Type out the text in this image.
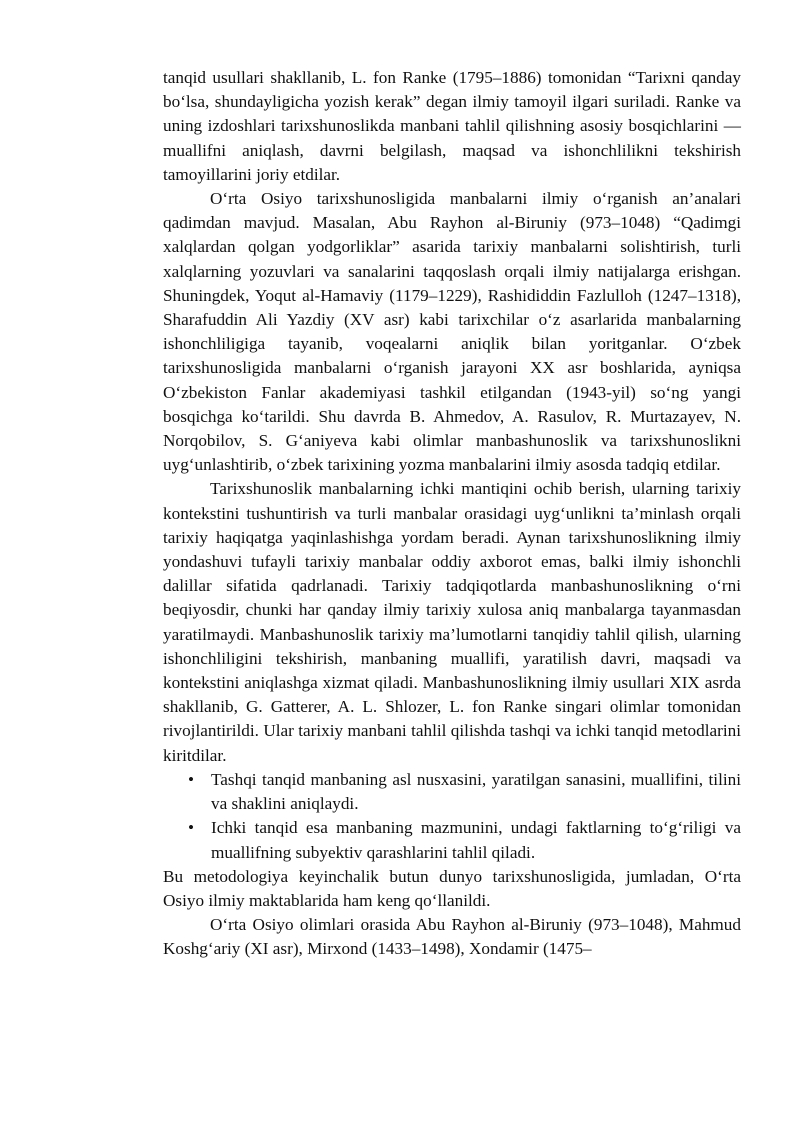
tanqid usullari shakllanib, L. fon Ranke (1795–1886) tomonidan “Tarixni qanday bo‘lsa, shundayligicha yozish kerak” degan ilmiy tamoyil ilgari suriladi. Ranke va uning izdoshlari tarixshunoslikda manbani tahlil qilishning asosiy bosqichlarini — muallifni aniqlash, davrni belgilash, maqsad va ishonchlilikni tekshirish tamoyillarini joriy etdilar.

O‘rta Osiyo tarixshunosligida manbalarni ilmiy o‘rganish an’analari qadimdan mavjud. Masalan, Abu Rayhon al-Biruniy (973–1048) “Qadimgi xalqlardan qolgan yodgorliklar” asarida tarixiy manbalarni solishtirish, turli xalqlarning yozuvlari va sanalarini taqqoslash orqali ilmiy natijalarga erishgan. Shuningdek, Yoqut al-Hamaviy (1179–1229), Rashididdin Fazlulloh (1247–1318), Sharafuddin Ali Yazdiy (XV asr) kabi tarixchilar o‘z asarlarida manbalarning ishonchliligiga tayanib, voqealarni aniqlik bilan yoritganlar. O‘zbek tarixshunosligida manbalarni o‘rganish jarayoni XX asr boshlarida, ayniqsa O‘zbekiston Fanlar akademiyasi tashkil etilgandan (1943-yil) so‘ng yangi bosqichga ko‘tarildi. Shu davrda B. Ahmedov, A. Rasulov, R. Murtazayev, N. Norqobilov, S. G‘aniyeva kabi olimlar manbashunoslik va tarixshunoslikni uyg‘unlashtirib, o‘zbek tarixining yozma manbalarini ilmiy asosda tadqiq etdilar.

Tarixshunoslik manbalarning ichki mantiqini ochib berish, ularning tarixiy kontekstini tushuntirish va turli manbalar orasidagi uyg‘unlikni ta’minlash orqali tarixiy haqiqatga yaqinlashishga yordam beradi. Aynan tarixshunoslikning ilmiy yondashuvi tufayli tarixiy manbalar oddiy axborot emas, balki ilmiy ishonchli dalillar sifatida qadrlanadi. Tarixiy tadqiqotlarda manbashunoslikning o‘rni beqiyosdir, chunki har qanday ilmiy tarixiy xulosa aniq manbalarga tayanmasdan yaratilmaydi. Manbashunoslik tarixiy ma’lumotlarni tanqidiy tahlil qilish, ularning ishonchliligini tekshirish, manbaning muallifi, yaratilish davri, maqsadi va kontekstini aniqlashga xizmat qiladi. Manbashunoslikning ilmiy usullari XIX asrda shakllanib, G. Gatterer, A. L. Shlozer, L. fon Ranke singari olimlar tomonidan rivojlantirildi. Ular tarixiy manbani tahlil qilishda tashqi va ichki tanqid metodlarini kiritdilar.

• Tashqi tanqid manbaning asl nusxasini, yaratilgan sanasini, muallifini, tilini va shaklini aniqlaydi.
• Ichki tanqid esa manbaning mazmunini, undagi faktlarning to‘g‘riligi va muallifning subyektiv qarashlarini tahlil qiladi.

Bu metodologiya keyinchalik butun dunyo tarixshunosligida, jumladan, O‘rta Osiyo ilmiy maktablarida ham keng qo‘llanildi.

O‘rta Osiyo olimlari orasida Abu Rayhon al-Biruniy (973–1048), Mahmud Koshg‘ariy (XI asr), Mirxond (1433–1498), Xondamir (1475–
